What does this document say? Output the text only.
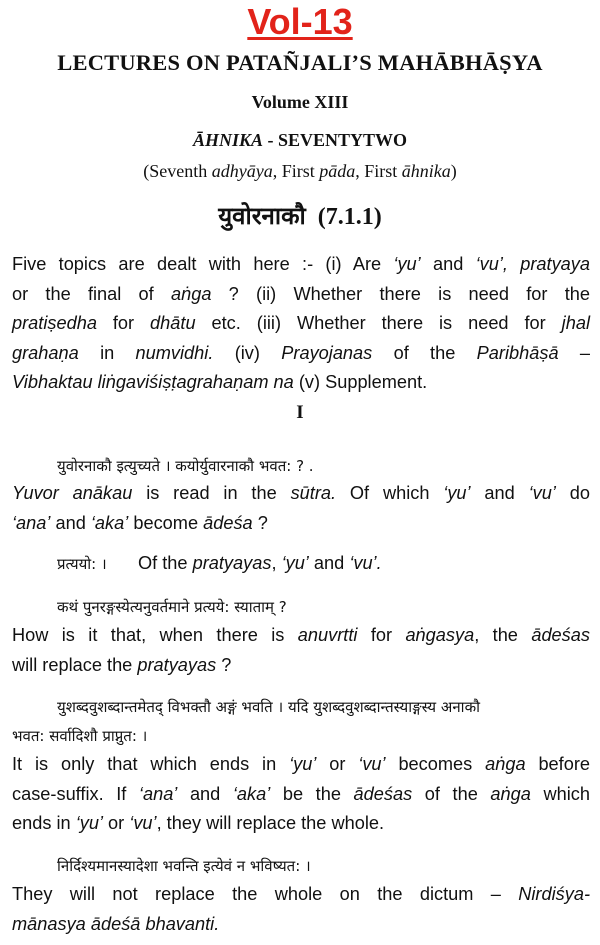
Vol-13
LECTURES ON PATAÑJALI’S MAHĀBHĀṢYA
Volume XIII
ĀHNIKA - SEVENTYTWO
(Seventh adhyāya, First pāda, First āhnika)
युवोरनाकौ (7.1.1)

Five topics are dealt with here :- (i) Are ‘yu’ and ‘vu’, pratyaya

or the final of aṅga ? (ii) Whether there is need for the

pratiṣedha for dhātu etc. (iii) Whether there is need for jhal

grahaṇa in numvidhi. (iv) Prayojanas of the Paribhāṣā –

Vibhaktau liṅgaviśiṣṭagrahaṇam na (v) Supplement.

I
युवोरनाकौ इत्युच्यते । कयोर्युवारनाकौ भवत: ? .

Yuvor anākau is read in the sūtra. Of which ‘yu’ and ‘vu’ do

‘ana’ and ‘aka’ become ādeśa ?

प्रत्ययो: । Of the pratyayas, ‘yu’ and ‘vu’.

कथं पुनरङ्गस्येत्यनुवर्तमाने प्रत्यये: स्याताम् ?

How is it that, when there is anuvrtti for aṅgasya, the ādeśas

will replace the pratyayas ?

युशब्दवुशब्दान्तमेतद् विभक्तौ अङ्गं भवति । यदि युशब्दवुशब्दान्तस्याङ्गस्य अनाकौ
भवत: सर्वादिशौ प्राप्नुत: ।

It is only that which ends in ‘yu’ or ‘vu’ becomes aṅga before

case-suffix. If ‘ana’ and ‘aka’ be the ādeśas of the aṅga which

ends in ‘yu’ or ‘vu’, they will replace the whole.

निर्दिश्यमानस्यादेशा भवन्ति इत्येवं न भविष्यत: ।

They will not replace the whole on the dictum – Nirdiśya-

mānasya ādeśā bhavanti.
